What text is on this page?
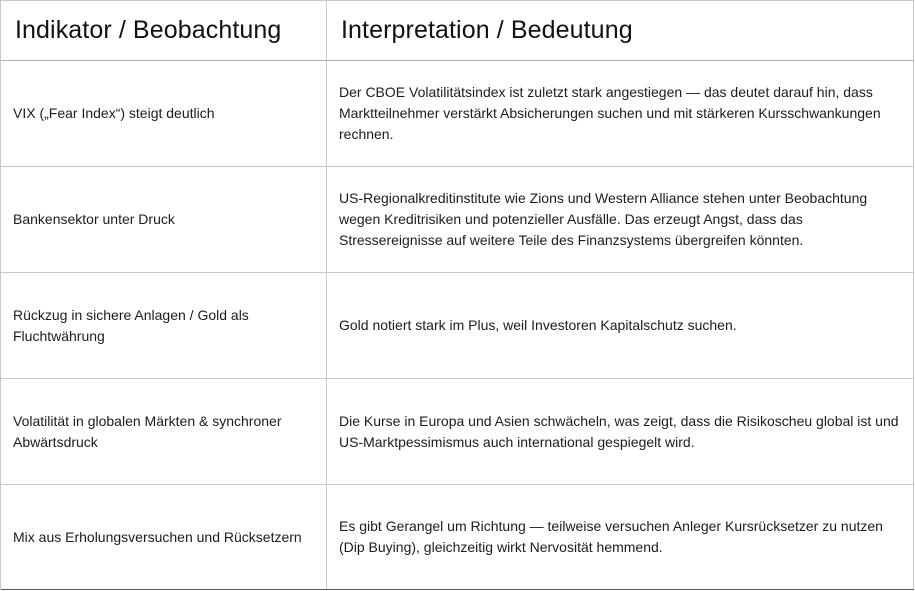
Indikator / Beobachtung Interpretation / Bedeutung
VIX („Fear Index“) steigt deutlich
Der CBOE Volatilitätsindex ist zuletzt stark angestiegen — das deutet darauf hin, dass Marktteilnehmer verstärkt Absicherungen suchen und mit stärkeren Kursschwankungen rechnen.
Bankensektor unter Druck
US-Regionalkreditinstitute wie Zions und Western Alliance stehen unter Beobachtung wegen Kreditrisiken und potenzieller Ausfälle. Das erzeugt Angst, dass das Stressereignisse auf weitere Teile des Finanzsystems übergreifen könnten.
Rückzug in sichere Anlagen / Gold als Fluchtwährung
Gold notiert stark im Plus, weil Investoren Kapitalschutz suchen.
Volatilität in globalen Märkten & synchroner Abwärtsdruck
Die Kurse in Europa und Asien schwächeln, was zeigt, dass die Risikoscheu global ist und US-Marktpessimismus auch international gespiegelt wird.
Mix aus Erholungsversuchen und Rücksetzern
Es gibt Gerangel um Richtung — teilweise versuchen Anleger Kursrücksetzer zu nutzen (Dip Buying), gleichzeitig wirkt Nervosität hemmend.
